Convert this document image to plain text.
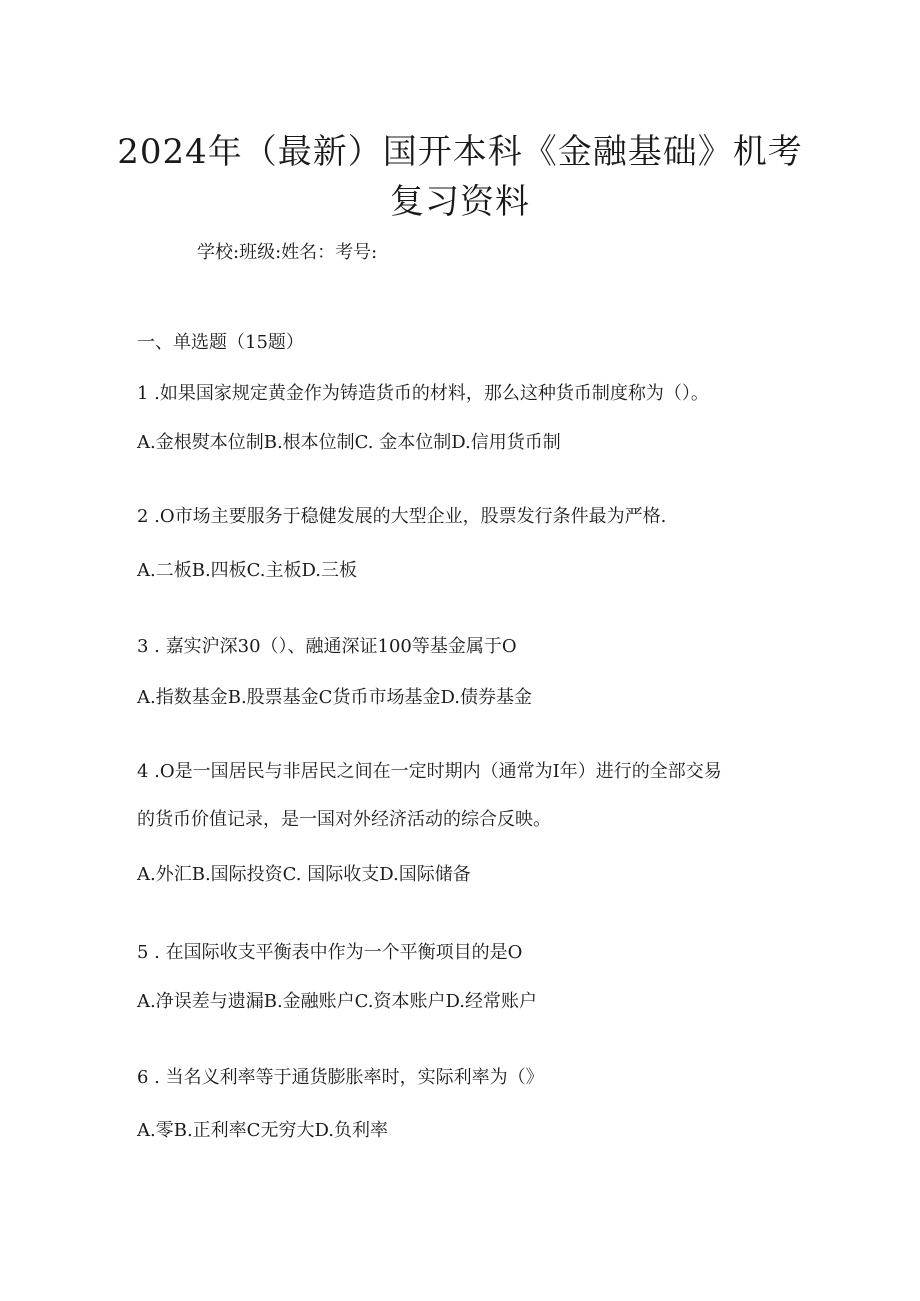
2024年（最新）国开本科《金融基础》机考
复习资料
学校:班级:姓名：考号:
一、单选题（15题）
1 .如果国家规定黄金作为铸造货币的材料，那么这种货币制度称为（）。
A.金根熨本位制B.根本位制C. 金本位制D.信用货币制
2 .O市场主要服务于稳健发展的大型企业，股票发行条件最为严格.
A.二板B.四板C.主板D.三板
3 . 嘉实沪深30（）、融通深证100等基金属于O
A.指数基金B.股票基金C货币市场基金D.债券基金
4 .O是一国居民与非居民之间在一定时期内（通常为I年）进行的全部交易
的货币价值记录，是一国对外经济活动的综合反映。
A.外汇B.国际投资C. 国际收支D.国际储备
5 . 在国际收支平衡表中作为一个平衡项目的是O
A.净误差与遗漏B.金融账户C.资本账户D.经常账户
6 . 当名义利率等于通货膨胀率时，实际利率为（》
A.零B.正利率C无穷大D.负利率
